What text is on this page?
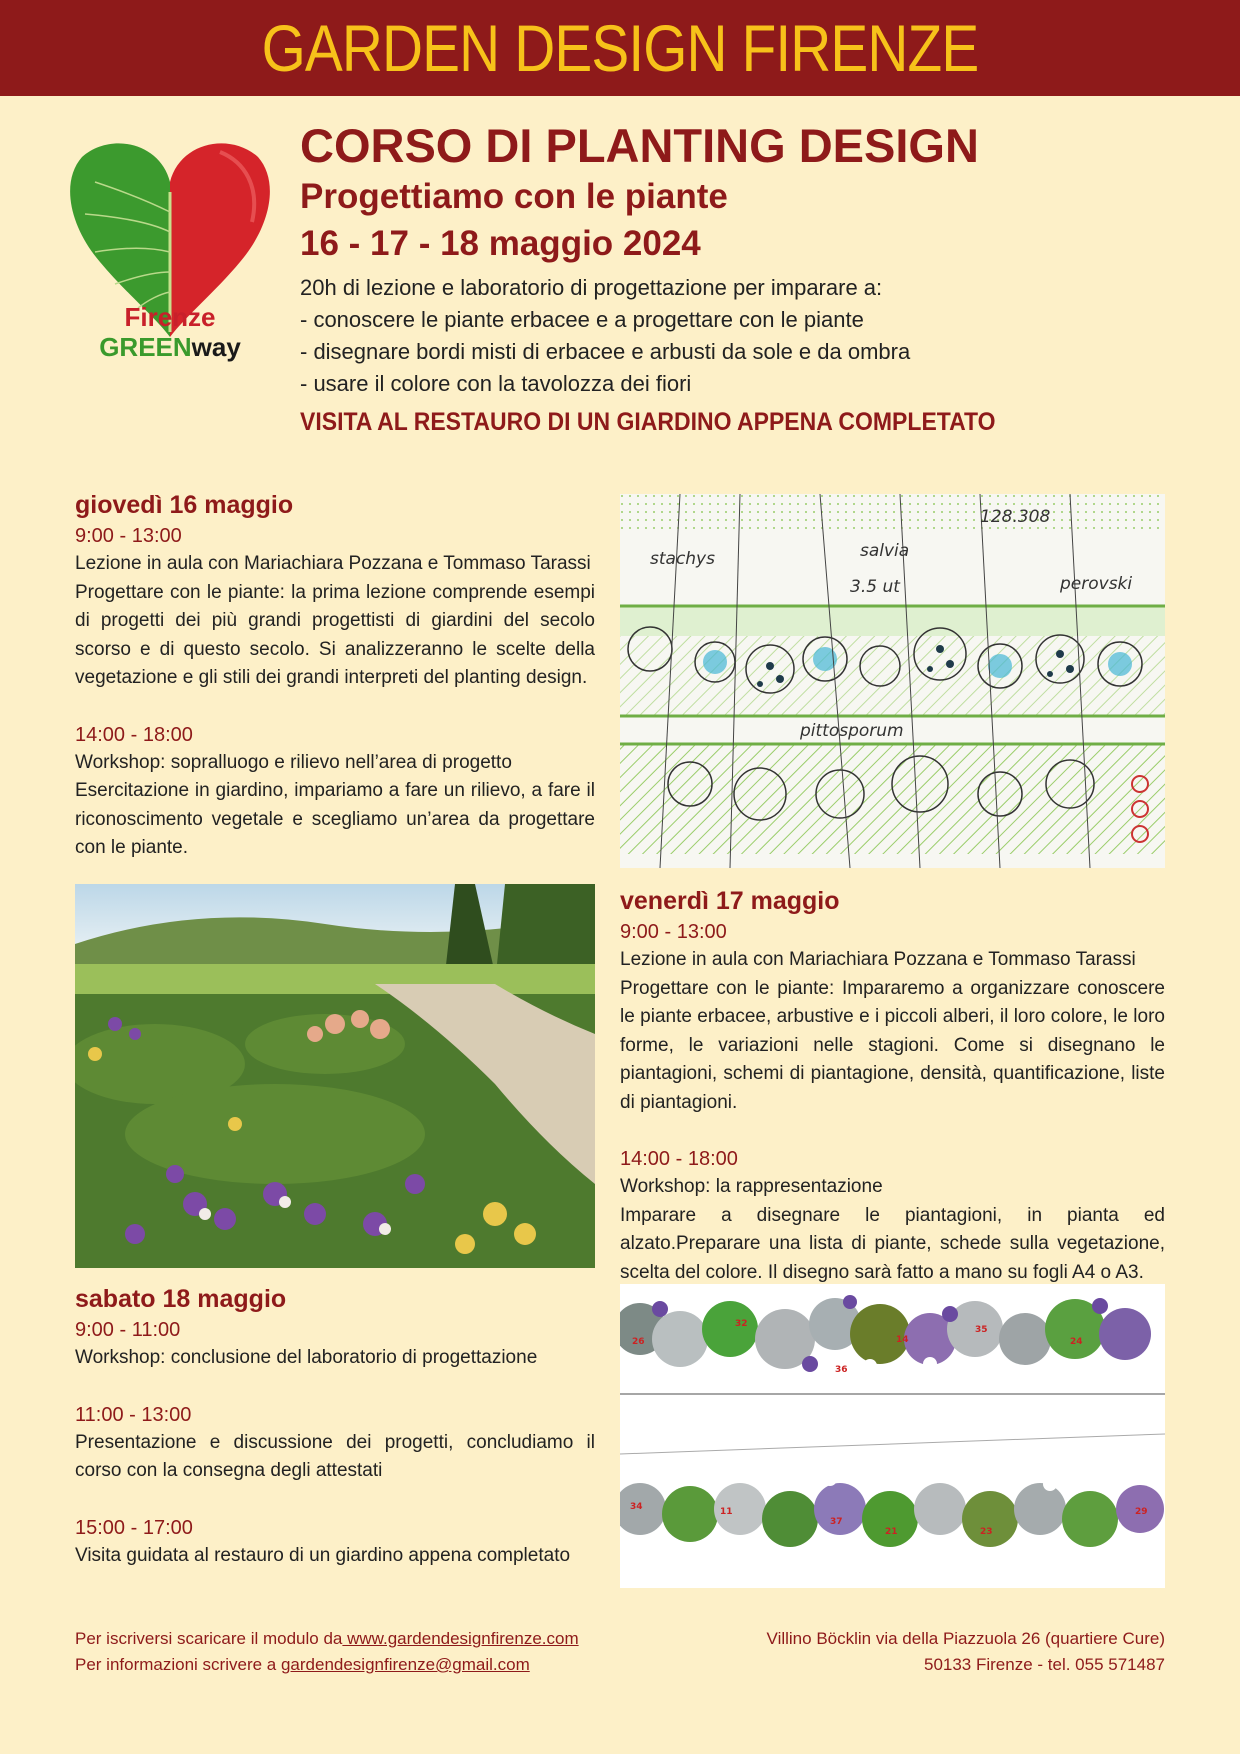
GARDEN DESIGN FIRENZE
Firenze
GREENway

CORSO DI PLANTING DESIGN

Progettiamo con le piante

16 - 17 - 18 maggio 2024

20h di lezione e laboratorio di progettazione per imparare a:
- conoscere le piante erbacee e a progettare con le piante
- disegnare bordi misti di erbacee e arbusti da sole e da ombra
- usare il colore con la tavolozza dei fiori
VISITA AL RESTAURO DI UN GIARDINO APPENA COMPLETATO
giovedì 16 maggio
9:00 - 13:00
Lezione in aula con Mariachiara Pozzana e Tommaso Tarassi
Progettare con le piante: la prima lezione comprende esempi di progetti dei più grandi progettisti di giardini del secolo scorso e di questo secolo. Si analizzeranno le scelte della vegetazione e gli stili dei grandi interpreti del planting design.
14:00 - 18:00
Workshop: sopralluogo e rilievo nell’area di progetto
Esercitazione in giardino, impariamo a fare un rilievo, a fare il riconoscimento vegetale e scegliamo un’area da progettare con le piante.
128.308
stachys	salvia
3.5 ut	perovski
pittosporum
venerdì 17 maggio
9:00 - 13:00
Lezione in aula con Mariachiara Pozzana e Tommaso Tarassi
Progettare con le piante: Impararemo a organizzare conoscere le piante erbacee, arbustive e i piccoli alberi, il loro colore, le loro forme, le variazioni nelle stagioni. Come si disegnano le piantagioni, schemi di piantagione, densità, quantificazione, liste di piantagioni.
14:00 - 18:00
Workshop: la rappresentazione
Imparare a disegnare le piantagioni, in pianta ed alzato.Preparare una lista di piante, schede sulla vegetazione, scelta del colore. Il disegno sarà fatto a mano su fogli A4 o A3.
sabato 18 maggio
9:00 - 11:00
Workshop: conclusione del laboratorio di progettazione
11:00 - 13:00
Presentazione e discussione dei progetti, concludiamo il corso con la consegna degli attestati
15:00 - 17:00
Visita guidata al restauro di un giardino appena completato
32
26	14
35
24
36
34
37
11	29
21	23
Per iscriversi scaricare il modulo da www.gardendesignfirenze.com
Per informazioni scrivere a gardendesignfirenze@gmail.com
Villino Böcklin via della Piazzuola 26 (quartiere Cure)
50133 Firenze - tel. 055 571487
